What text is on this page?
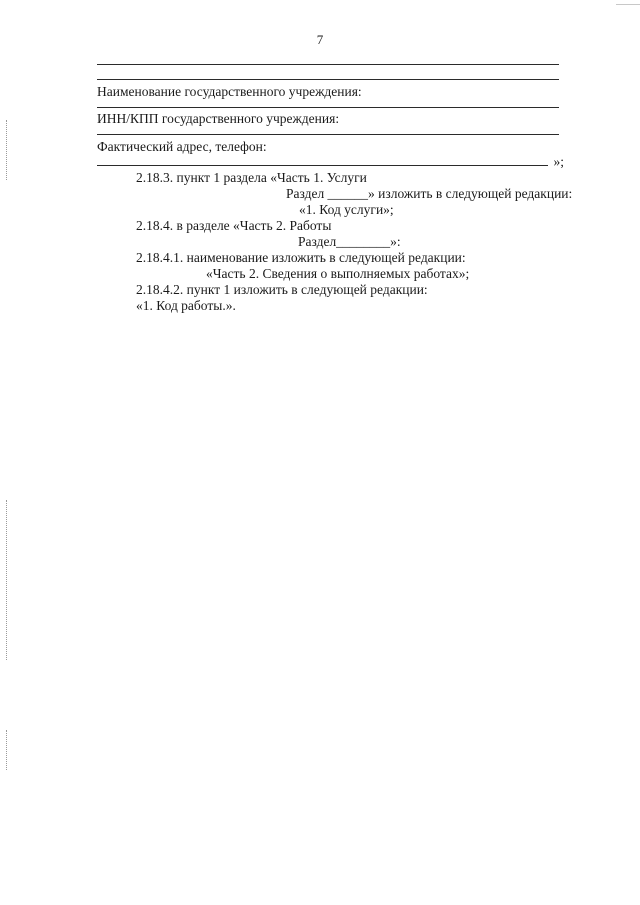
7
Наименование государственного учреждения:
ИНН/КПП государственного учреждения:
Фактический адрес, телефон:
»;
2.18.3. пункт 1 раздела «Часть 1. Услуги
Раздел ______» изложить в следующей редакции:
«1. Код услуги»;
2.18.4. в разделе «Часть 2. Работы
Раздел________»:
2.18.4.1. наименование изложить в следующей редакции:
«Часть 2. Сведения о выполняемых работах»;
2.18.4.2. пункт 1 изложить в следующей редакции:
«1. Код работы.».
